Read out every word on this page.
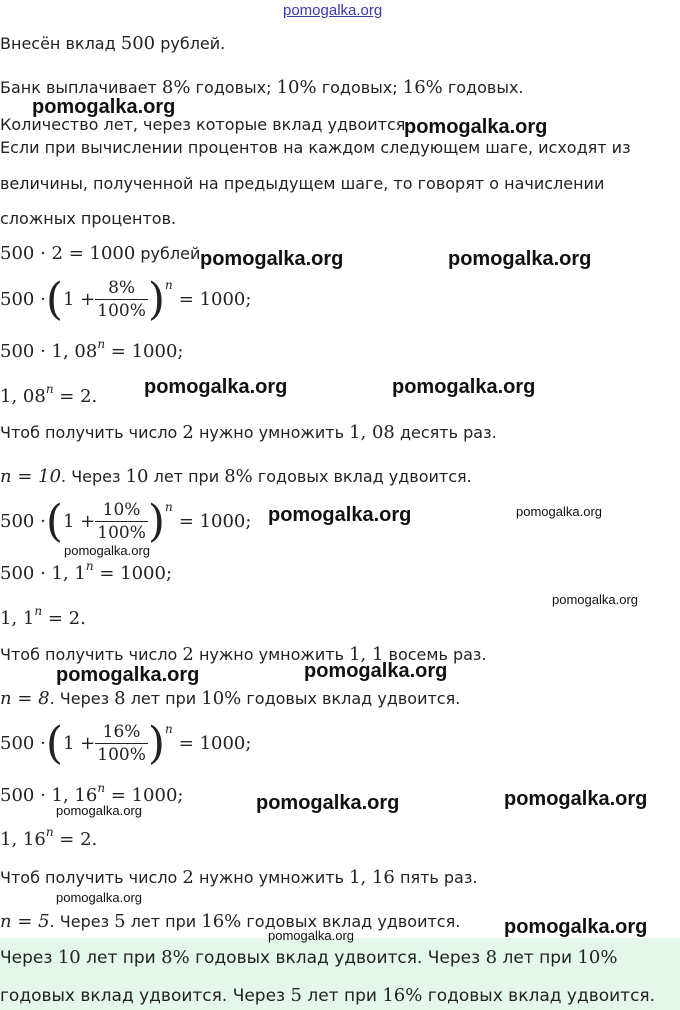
pomogalka.org
Внесён вклад 500 рублей.
Банк выплачивает 8% годовых; 10% годовых; 16% годовых.
Количество лет, через которые вклад удвоится
Если при вычислении процентов на каждом следующем шаге, исходят из
величины, полученной на предыдущем шаге, то говорят о начислении
сложных процентов.
500 · 2 = 1000 рублей.
500 · ( $1 + \frac{8\%}{100\%}$ ) n
= 1000;
500 · 1, $08^n = 1000$;
1, $08^n = 2$.
Чтоб получить число 2 нужно умножить 1, 08 десять раз.
n = 10. Через 10 лет при 8% годовых вклад удвоится.
500 · ( $1 + \frac{10\%}{100\%}$ ) n
= 1000;
500 · 1, $1^n = 1000$;
1, $1^n = 2$.
Чтоб получить число 2 нужно умножить 1, 1 восемь раз.
n = 8. Через 8 лет при 10% годовых вклад удвоится.
500 · ( $1 + \frac{16\%}{100\%}$ ) n
= 1000;
500 · 1, $16^n = 1000$;
1, $16^n = 2$.
Чтоб получить число 2 нужно умножить 1, 16 пять раз.
n = 5. Через 5 лет при 16% годовых вклад удвоится.
Через 10 лет при 8% годовых вклад удвоится. Через 8 лет при 10%
годовых вклад удвоится. Через 5 лет при 16% годовых вклад удвоится.
pomogalka.org
pomogalka.org
pomogalka.org	pomogalka.org
pomogalka.org	pomogalka.org
pomogalka.org	pomogalka.org
pomogalka.org
pomogalka.org
pomogalka.org	pomogalka.org
pomogalka.org	pomogalka.org	pomogalka.org
pomogalka.org
pomogalka.org	pomogalka.org
